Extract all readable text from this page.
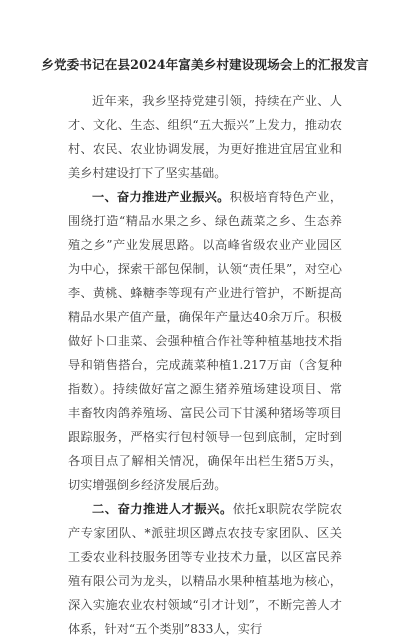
乡党委书记在县2024年富美乡村建设现场会上的汇报发言

近年来，我乡坚持党建引领，持续在产业、人才、文化、生态、组织“五大振兴”上发力，推动农村、农民、农业协调发展，为更好推进宜居宜业和美乡村建设打下了坚实基础。

一、奋力推进产业振兴。积极培育特色产业，围绕打造“精品水果之乡、绿色蔬菜之乡、生态养殖之乡”产业发展思路。以高峰省级农业产业园区为中心，探索干部包保制，认领“责任果”，对空心李、黄桃、蜂糖李等现有产业进行管护，不断提高精品水果产值产量，确保年产量达40余万斤。积极做好卜口韭菜、会强种植合作社等种植基地技术指导和销售搭台，完成蔬菜种植1.217万亩（含复种指数）。持续做好富之源生猪养殖场建设项目、常丰畜牧肉鸽养殖场、富民公司下甘溪种猪场等项目跟踪服务，严格实行包村领导一包到底制，定时到各项目点了解相关情况，确保年出栏生猪5万头，切实增强倒乡经济发展后劲。

二、奋力推进人才振兴。依托x职院农学院农产专家团队、*派驻坝区蹲点农技专家团队、区关工委农业科技服务团等专业技术力量，以区富民养殖有限公司为龙头，以精品水果种植基地为核心，深入实施农业农村领域“引才计划”，不断完善人才体系，针对“五个类别”833人，实行
